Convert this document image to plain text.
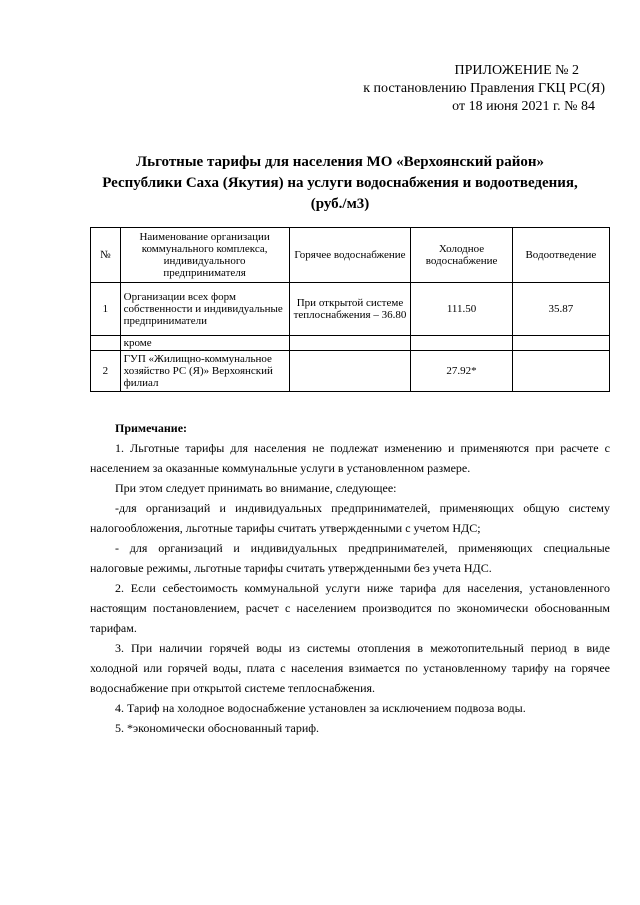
ПРИЛОЖЕНИЕ № 2
к постановлению Правления ГКЦ РС(Я)
от 18 июня 2021 г. № 84
Льготные тарифы для населения МО «Верхоянский район»
Республики Саха (Якутия) на услуги водоснабжения и водоотведения,
(руб./м3)
№	Наименование организации коммунального комплекса, индивидуального предпринимателя	Горячее водоснабжение	Холодное водоснабжение	Водоотведение
1	Организации всех форм собственности и индивидуальные предприниматели	При открытой системе теплоснабжения – 36.80	111.50	35.87
	кроме			
2	ГУП «Жилищно-коммунальное хозяйство РС (Я)» Верхоянский филиал		27.92*	
Примечание:

1. Льготные тарифы для населения не подлежат изменению и применяются при расчете с населением за оказанные коммунальные услуги в установленном размере.

При этом следует принимать во внимание, следующее:

-для организаций и индивидуальных предпринимателей, применяющих общую систему налогообложения, льготные тарифы считать утвержденными с учетом НДС;

- для организаций и индивидуальных предпринимателей, применяющих специальные налоговые режимы, льготные тарифы считать утвержденными без учета НДС.

2. Если себестоимость коммунальной услуги ниже тарифа для населения, установленного настоящим постановлением, расчет с населением производится по экономически обоснованным тарифам.

3. При наличии горячей воды из системы отопления в межотопительный период в виде холодной или горячей воды, плата с населения взимается по установленному тарифу на горячее водоснабжение при открытой системе теплоснабжения.

4. Тариф на холодное водоснабжение установлен за исключением подвоза воды.

5. *экономически обоснованный тариф.
